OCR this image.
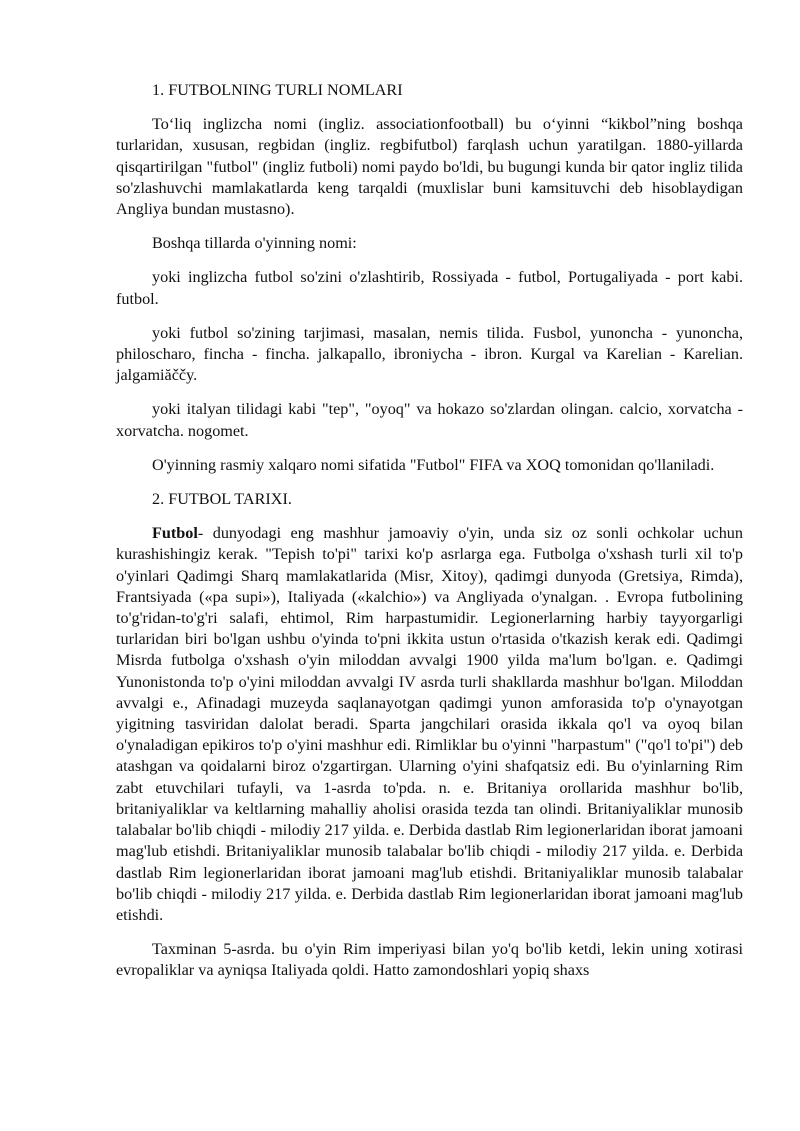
1. FUTBOLNING TURLI NOMLARI

To‘liq inglizcha nomi (ingliz. associationfootball) bu o‘yinni “kikbol”ning boshqa turlaridan, xususan, regbidan (ingliz. regbifutbol) farqlash uchun yaratilgan. 1880-yillarda qisqartirilgan "futbol" (ingliz futboli) nomi paydo bo'ldi, bu bugungi kunda bir qator ingliz tilida so'zlashuvchi mamlakatlarda keng tarqaldi (muxlislar buni kamsituvchi deb hisoblaydigan Angliya bundan mustasno).

Boshqa tillarda o'yinning nomi:

yoki inglizcha futbol so'zini o'zlashtirib, Rossiyada - futbol, Portugaliyada - port kabi. futbol.

yoki futbol so'zining tarjimasi, masalan, nemis tilida. Fusbol, yunoncha - yunoncha, philoscharo, fincha - fincha. jalkapallo, ibroniycha - ibron. Kurgal va Karelian - Karelian. jalgamiăččy.

yoki italyan tilidagi kabi "tep", "oyoq" va hokazo so'zlardan olingan. calcio, xorvatcha - xorvatcha. nogomet.

O'yinning rasmiy xalqaro nomi sifatida "Futbol" FIFA va XOQ tomonidan qo'llaniladi.

2. FUTBOL TARIXI.

Futbol- dunyodagi eng mashhur jamoaviy o'yin, unda siz oz sonli ochkolar uchun kurashishingiz kerak. "Tepish to'pi" tarixi ko'p asrlarga ega. Futbolga o'xshash turli xil to'p o'yinlari Qadimgi Sharq mamlakatlarida (Misr, Xitoy), qadimgi dunyoda (Gretsiya, Rimda), Frantsiyada («pa supi»), Italiyada («kalchio») va Angliyada o'ynalgan. . Evropa futbolining to'g'ridan-to'g'ri salafi, ehtimol, Rim harpastumidir. Legionerlarning harbiy tayyorgarligi turlaridan biri bo'lgan ushbu o'yinda to'pni ikkita ustun o'rtasida o'tkazish kerak edi. Qadimgi Misrda futbolga o'xshash o'yin miloddan avvalgi 1900 yilda ma'lum bo'lgan. e. Qadimgi Yunonistonda to'p o'yini miloddan avvalgi IV asrda turli shakllarda mashhur bo'lgan. Miloddan avvalgi e., Afinadagi muzeyda saqlanayotgan qadimgi yunon amforasida to'p o'ynayotgan yigitning tasviridan dalolat beradi. Sparta jangchilari orasida ikkala qo'l va oyoq bilan o'ynaladigan epikiros to'p o'yini mashhur edi. Rimliklar bu o'yinni "harpastum" ("qo'l to'pi") deb atashgan va qoidalarni biroz o'zgartirgan. Ularning o'yini shafqatsiz edi. Bu o'yinlarning Rim zabt etuvchilari tufayli, va 1-asrda to'pda. n. e. Britaniya orollarida mashhur bo'lib, britaniyaliklar va keltlarning mahalliy aholisi orasida tezda tan olindi. Britaniyaliklar munosib talabalar bo'lib chiqdi - milodiy 217 yilda. e. Derbida dastlab Rim legionerlaridan iborat jamoani mag'lub etishdi. Britaniyaliklar munosib talabalar bo'lib chiqdi - milodiy 217 yilda. e. Derbida dastlab Rim legionerlaridan iborat jamoani mag'lub etishdi. Britaniyaliklar munosib talabalar bo'lib chiqdi - milodiy 217 yilda. e. Derbida dastlab Rim legionerlaridan iborat jamoani mag'lub etishdi.

Taxminan 5-asrda. bu o'yin Rim imperiyasi bilan yo'q bo'lib ketdi, lekin uning xotirasi evropaliklar va ayniqsa Italiyada qoldi. Hatto zamondoshlari yopiq shaxs
